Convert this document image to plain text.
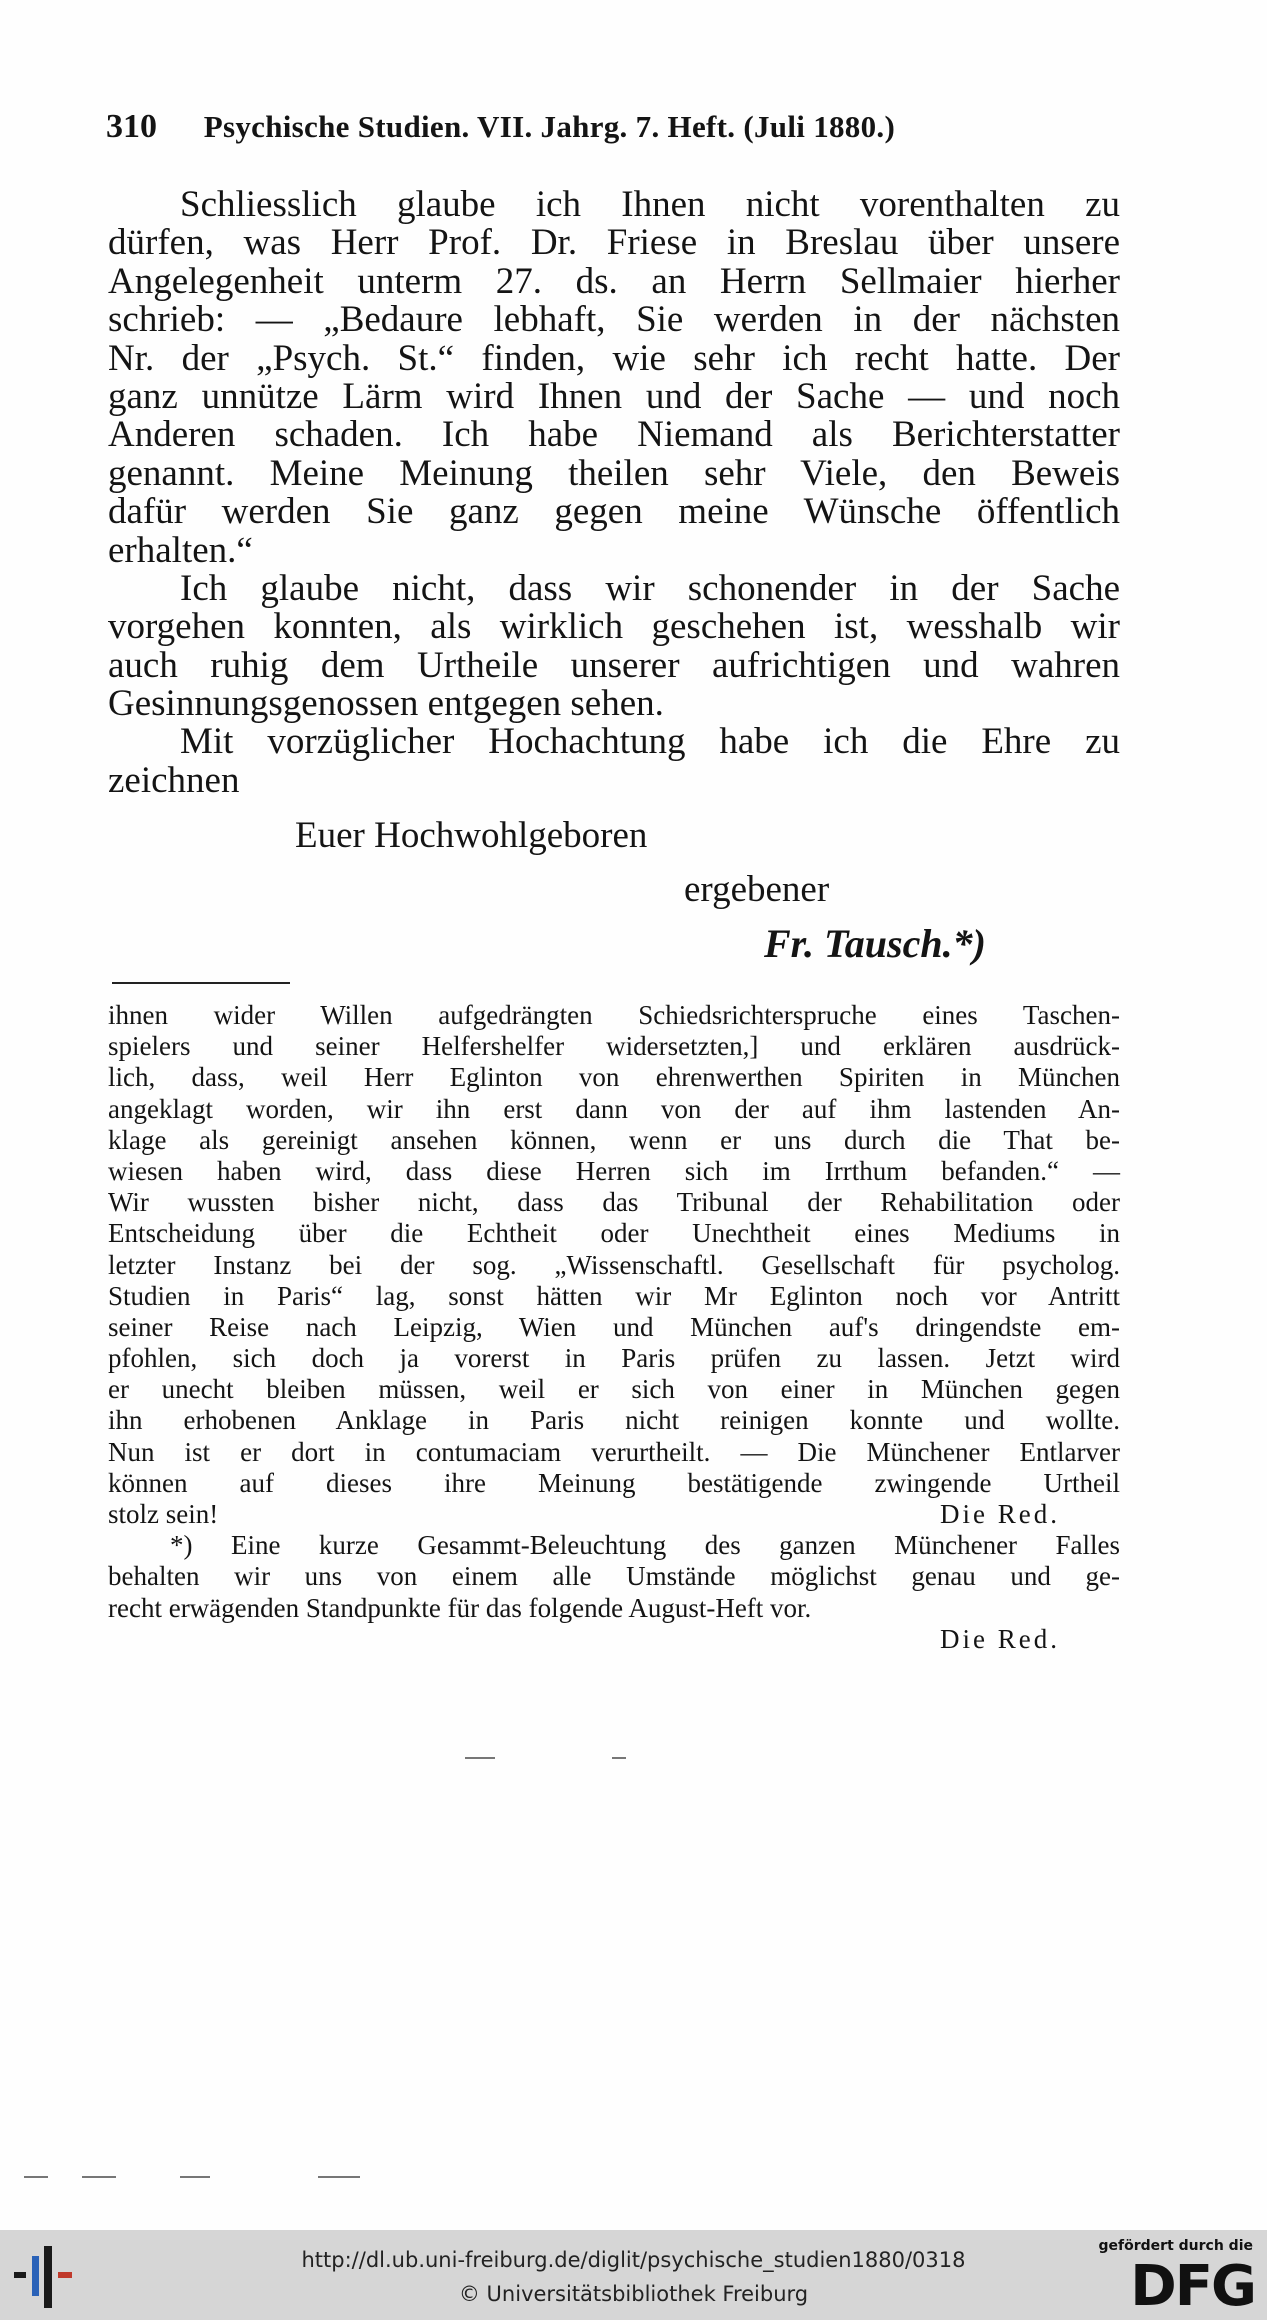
310 Psychische Studien. VII. Jahrg. 7. Heft. (Juli 1880.)
Schliesslich glaube ich Ihnen nicht vorenthalten zu
dürfen, was Herr Prof. Dr. Friese in Breslau über unsere
Angelegenheit unterm 27. ds. an Herrn Sellmaier hierher
schrieb: — „Bedaure lebhaft, Sie werden in der nächsten
Nr. der „Psych. St.“ finden, wie sehr ich recht hatte. Der
ganz unnütze Lärm wird Ihnen und der Sache — und noch
Anderen schaden. Ich habe Niemand als Berichterstatter
genannt. Meine Meinung theilen sehr Viele, den Beweis
dafür werden Sie ganz gegen meine Wünsche öffentlich
erhalten.“
Ich glaube nicht, dass wir schonender in der Sache
vorgehen konnten, als wirklich geschehen ist, wesshalb wir
auch ruhig dem Urtheile unserer aufrichtigen und wahren
Gesinnungsgenossen entgegen sehen.
Mit vorzüglicher Hochachtung habe ich die Ehre zu
zeichnen
Euer Hochwohlgeboren
ergebener
Fr. Tausch.*)
ihnen wider Willen aufgedrängten Schiedsrichterspruche eines Taschen-
spielers und seiner Helfershelfer widersetzten,] und erklären ausdrück-
lich, dass, weil Herr Eglinton von ehrenwerthen Spiriten in München
angeklagt worden, wir ihn erst dann von der auf ihm lastenden An-
klage als gereinigt ansehen können, wenn er uns durch die That be-
wiesen haben wird, dass diese Herren sich im Irrthum befanden.“ —
Wir wussten bisher nicht, dass das Tribunal der Rehabilitation oder
Entscheidung über die Echtheit oder Unechtheit eines Mediums in
letzter Instanz bei der sog. „Wissenschaftl. Gesellschaft für psycholog.
Studien in Paris“ lag, sonst hätten wir Mr Eglinton noch vor Antritt
seiner Reise nach Leipzig, Wien und München auf's dringendste em-
pfohlen, sich doch ja vorerst in Paris prüfen zu lassen. Jetzt wird
er unecht bleiben müssen, weil er sich von einer in München gegen
ihn erhobenen Anklage in Paris nicht reinigen konnte und wollte.
Nun ist er dort in contumaciam verurtheilt. — Die Münchener Entlarver
können auf dieses ihre Meinung bestätigende zwingende Urtheil
stolz sein!	Die Red.
*) Eine kurze Gesammt-Beleuchtung des ganzen Münchener Falles
behalten wir uns von einem alle Umstände möglichst genau und ge-
recht erwägenden Standpunkte für das folgende August-Heft vor.
Die Red.
http://dl.ub.uni-freiburg.de/diglit/psychische_studien1880/0318
© Universitätsbibliothek Freiburg
gefördert durch die
DFG
